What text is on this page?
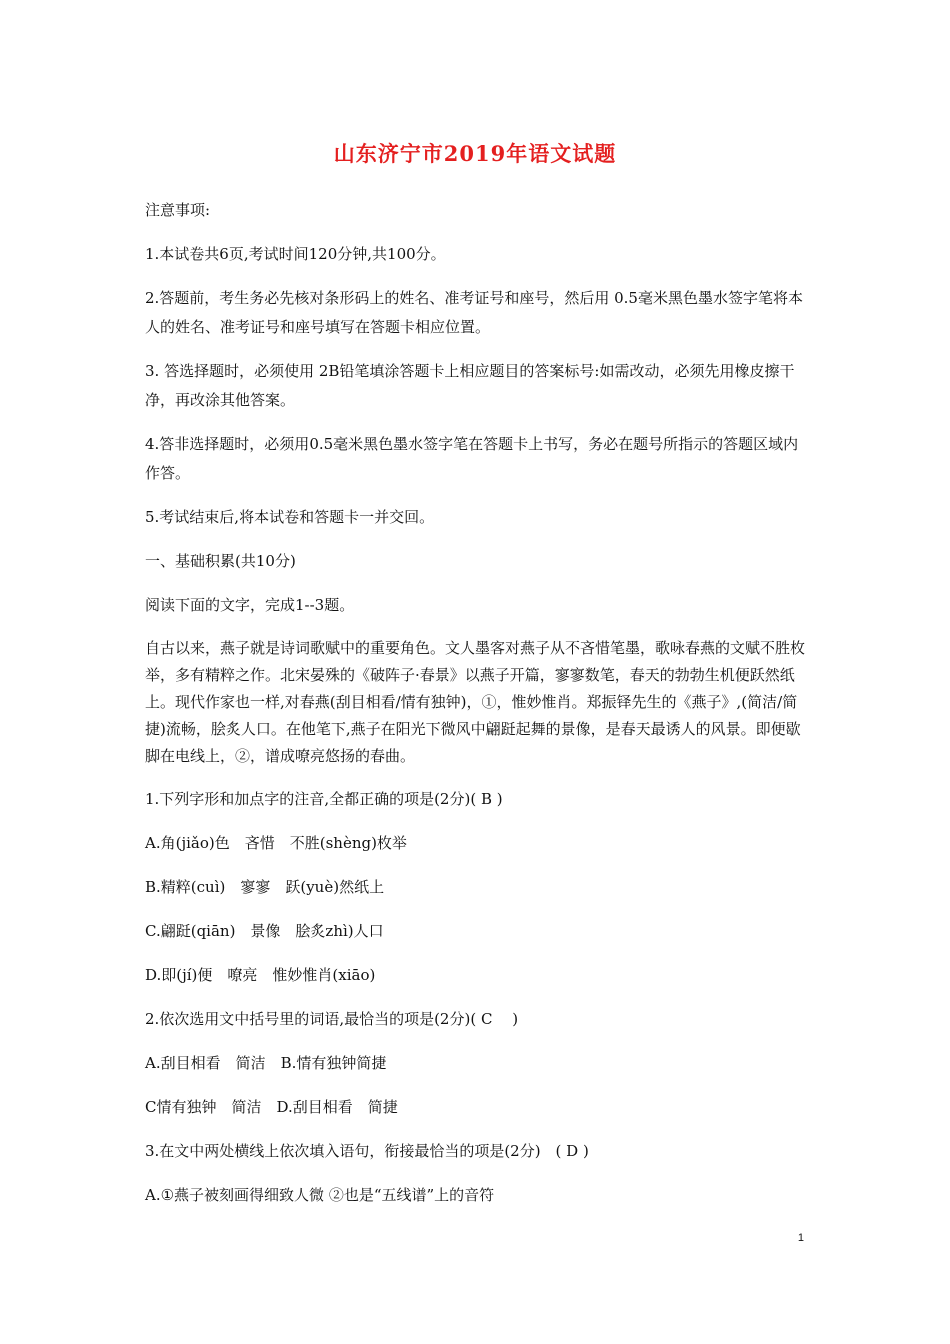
山东济宁市2019年语文试题

注意事项:

1.本试卷共6页,考试时间120分钟,共100分。

2.答题前，考生务必先核对条形码上的姓名、准考证号和座号，然后用 0.5毫米黑色墨水签字笔将本人的姓名、准考证号和座号填写在答题卡相应位置。

3. 答选择题时，必须使用 2B铅笔填涂答题卡上相应题目的答案标号:如需改动，必须先用橡皮擦干净，再改涂其他答案。

4.答非选择题时，必须用0.5毫米黑色墨水签字笔在答题卡上书写，务必在题号所指示的答题区域内作答。

5.考试结束后,将本试卷和答题卡一并交回。

一、基础积累(共10分)

阅读下面的文字，完成1--3题。

自古以来，燕子就是诗词歌赋中的重要角色。文人墨客对燕子从不吝惜笔墨，歌咏春燕的文赋不胜枚举，多有精粹之作。北宋晏殊的《破阵子·春景》以燕子开篇，寥寥数笔，春天的勃勃生机便跃然纸上。现代作家也一样,对春燕(刮目相看/情有独钟)，①，惟妙惟肖。郑振铎先生的《燕子》,(简洁/简捷)流畅，脍炙人口。在他笔下,燕子在阳光下微风中翩跹起舞的景像，是春天最诱人的风景。即便歇脚在电线上，②，谱成嘹亮悠扬的春曲。

1.下列字形和加点字的注音,全都正确的项是(2分)( B )

A.角(jiǎo)色　吝惜　不胜(shèng)枚举

B.精粹(cuì)　寥寥　跃(yuè)然纸上

C.翩跹(qiān)　景像　脍炙zhì)人口

D.即(jí)便　嘹亮　惟妙惟肖(xiāo)

2.依次选用文中括号里的词语,最恰当的项是(2分)( C　 )

A.刮目相看　简洁　B.情有独钟简捷

C情有独钟　简洁　D.刮目相看　简捷

3.在文中两处横线上依次填入语句，衔接最恰当的项是(2分)　( D )

A.①燕子被刻画得细致人微 ②也是“五线谱”上的音符

1
